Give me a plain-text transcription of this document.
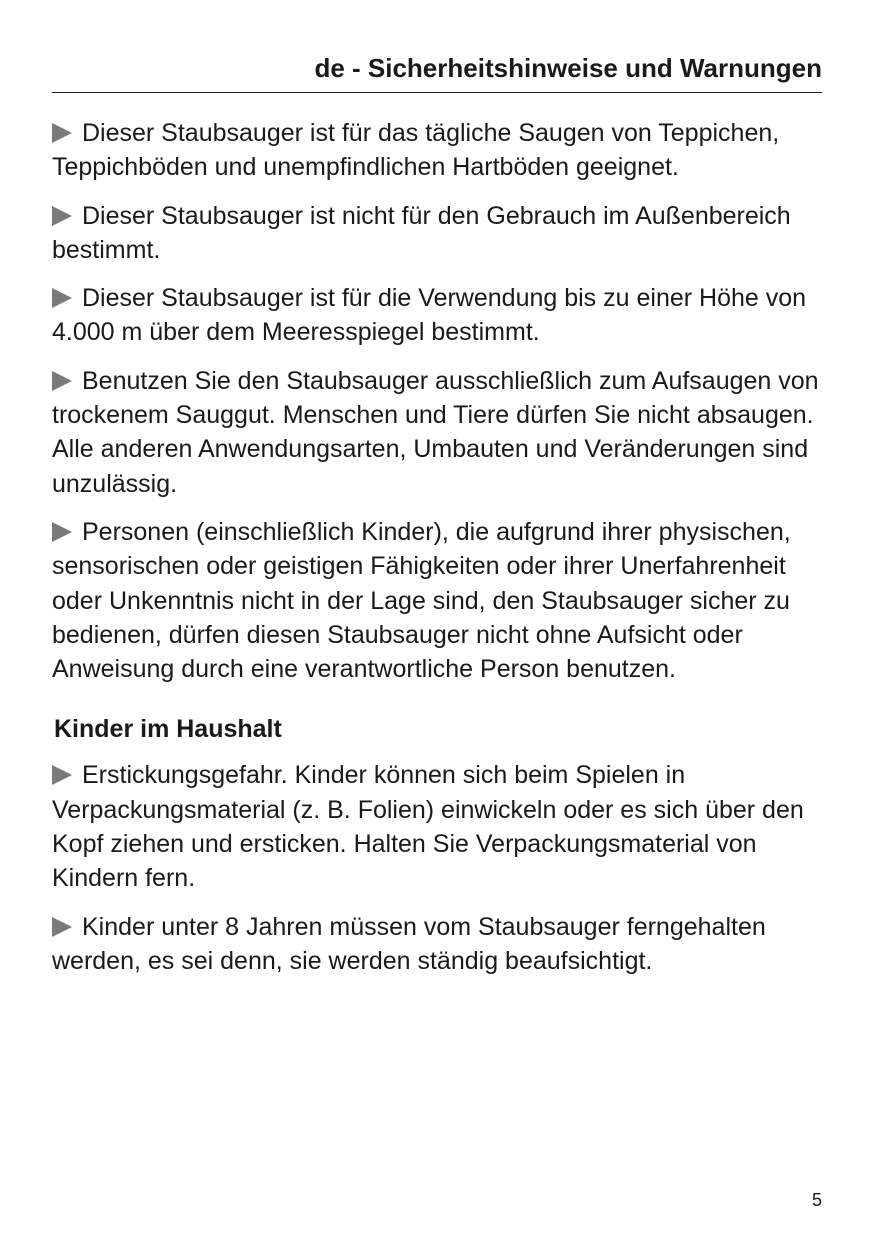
de - Sicherheitshinweise und Warnungen

Dieser Staubsauger ist für das tägliche Saugen von Teppichen, Teppichböden und unempfindlichen Hartböden geeignet.

Dieser Staubsauger ist nicht für den Gebrauch im Außenbereich bestimmt.

Dieser Staubsauger ist für die Verwendung bis zu einer Höhe von 4.000 m über dem Meeresspiegel bestimmt.

Benutzen Sie den Staubsauger ausschließlich zum Aufsaugen von trockenem Sauggut. Menschen und Tiere dürfen Sie nicht absaugen. Alle anderen Anwendungsarten, Umbauten und Veränderungen sind unzulässig.

Personen (einschließlich Kinder), die aufgrund ihrer physischen, sensorischen oder geistigen Fähigkeiten oder ihrer Unerfahrenheit oder Unkenntnis nicht in der Lage sind, den Staubsauger sicher zu bedienen, dürfen diesen Staubsauger nicht ohne Aufsicht oder Anweisung durch eine verantwortliche Person benutzen.

Kinder im Haushalt

Erstickungsgefahr. Kinder können sich beim Spielen in Verpackungsmaterial (z. B. Folien) einwickeln oder es sich über den Kopf ziehen und ersticken. Halten Sie Verpackungsmaterial von Kindern fern.

Kinder unter 8 Jahren müssen vom Staubsauger ferngehalten werden, es sei denn, sie werden ständig beaufsichtigt.

5
